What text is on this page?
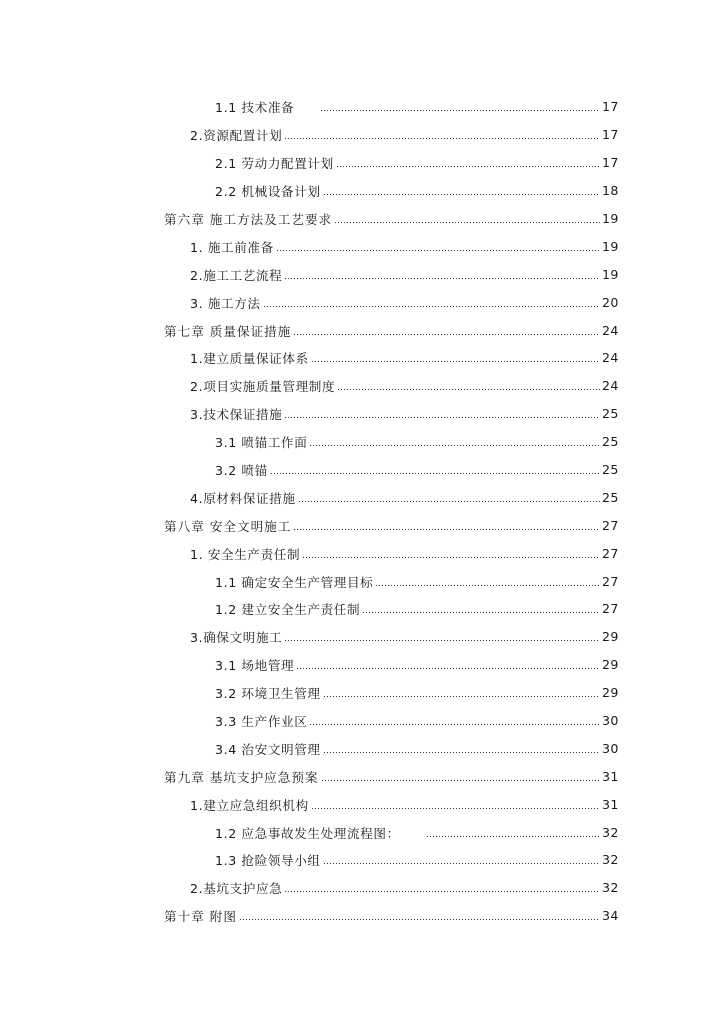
1.1 技术准备	17
2.资源配置计划	17
2.1 劳动力配置计划	17
2.2 机械设备计划	18
第六章 施工方法及工艺要求	19
1. 施工前准备	19
2.施工工艺流程	19
3. 施工方法	20
第七章 质量保证措施	24
1.建立质量保证体系	24
2.项目实施质量管理制度	24
3.技术保证措施	25
3.1 喷锚工作面	25
3.2 喷锚	25
4.原材料保证措施	25
第八章 安全文明施工	27
1. 安全生产责任制	27
1.1 确定安全生产管理目标	27
1.2 建立安全生产责任制	27
3.确保文明施工	29
3.1 场地管理	29
3.2 环境卫生管理	29
3.3 生产作业区	30
3.4 治安文明管理	30
第九章 基坑支护应急预案	31
1.建立应急组织机构	31
1.2 应急事故发生处理流程图：	32
1.3 抢险领导小组	32
2.基坑支护应急	32
第十章 附图	34
